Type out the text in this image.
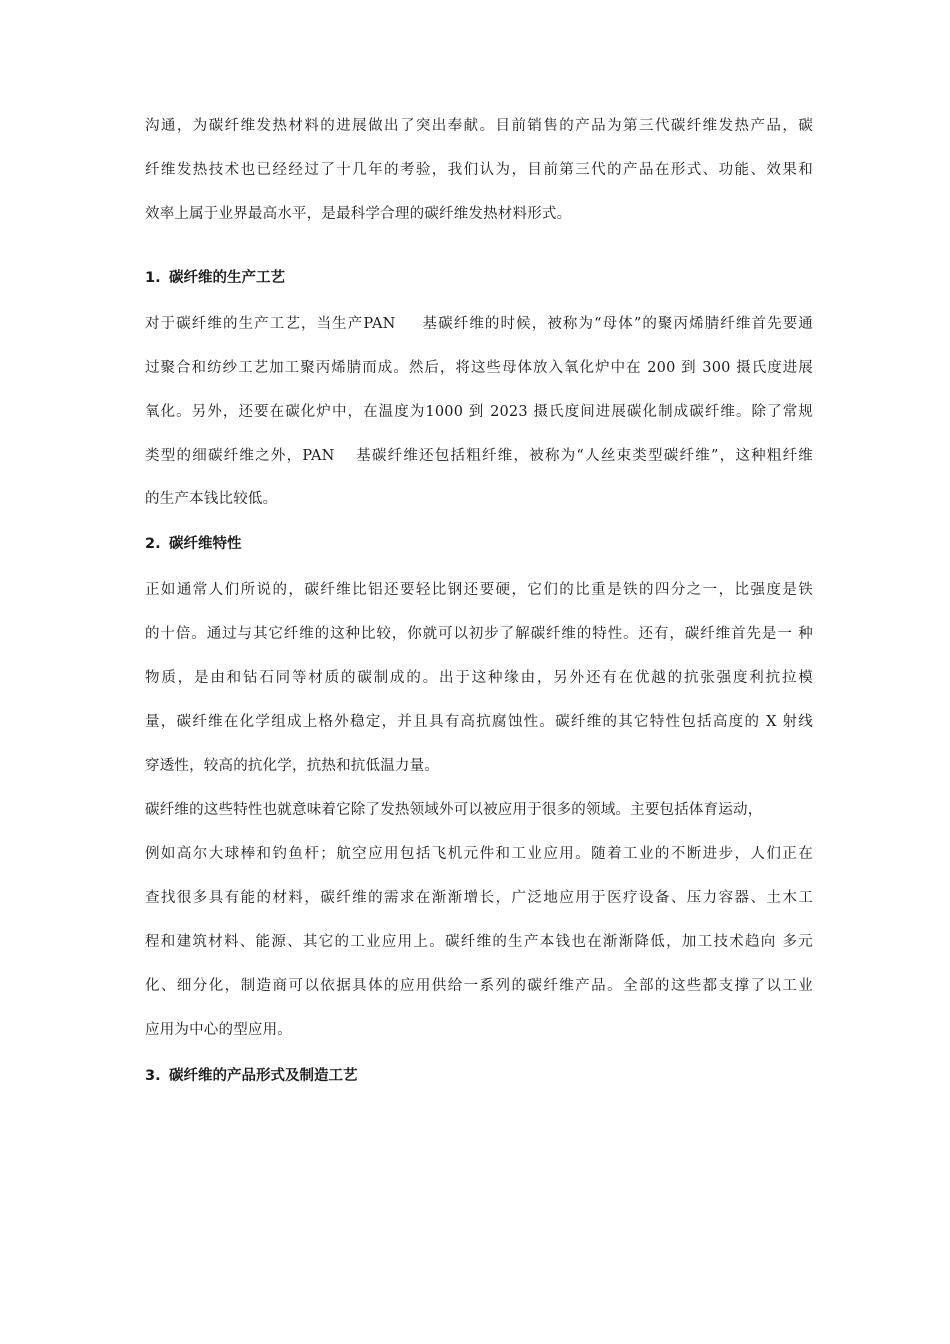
沟通，为碳纤维发热材料的进展做出了突出奉献。目前销售的产品为第三代碳纤维发热产品，碳
纤维发热技术也已经经过了十几年的考验，我们认为，目前第三代的产品在形式、功能、效果和
效率上属于业界最高水平，是最科学合理的碳纤维发热材料形式。
1. 碳纤维的生产工艺
对于碳纤维的生产工艺，当生产PAN 　 基碳纤维的时候，被称为“母体”的聚丙烯腈纤维首先要通
过聚合和纺纱工艺加工聚丙烯腈而成。然后，将这些母体放入氧化炉中在 200 到 300 摄氏度进展
氧化。另外，还要在碳化炉中，在温度为1000 到 2023 摄氏度间进展碳化制成碳纤维。除了常规
类型的细碳纤维之外，PAN 　基碳纤维还包括粗纤维，被称为“人丝束类型碳纤维”，这种粗纤维
的生产本钱比较低。
2. 碳纤维特性
正如通常人们所说的，碳纤维比铝还要轻比钢还要硬，它们的比重是铁的四分之一，比强度是铁
的十倍。通过与其它纤维的这种比较，你就可以初步了解碳纤维的特性。还有，碳纤维首先是一 种
物质，是由和钻石同等材质的碳制成的。出于这种缘由，另外还有在优越的抗张强度利抗拉模
量，碳纤维在化学组成上格外稳定，并且具有高抗腐蚀性。碳纤维的其它特性包括高度的 X 射线
穿透性，较高的抗化学，抗热和抗低温力量。
碳纤维的这些特性也就意味着它除了发热领域外可以被应用于很多的领域。主要包括体育运动，
例如高尔大球棒和钓鱼杆；航空应用包括飞机元件和工业应用。随着工业的不断进步，人们正在
查找很多具有能的材料，碳纤维的需求在渐渐增长，广泛地应用于医疗设备、压力容器、土木工
程和建筑材料、能源、其它的工业应用上。碳纤维的生产本钱也在渐渐降低，加工技术趋向 多元
化、细分化，制造商可以依据具体的应用供给一系列的碳纤维产品。全部的这些都支撑了以工业
应用为中心的型应用。
3. 碳纤维的产品形式及制造工艺
